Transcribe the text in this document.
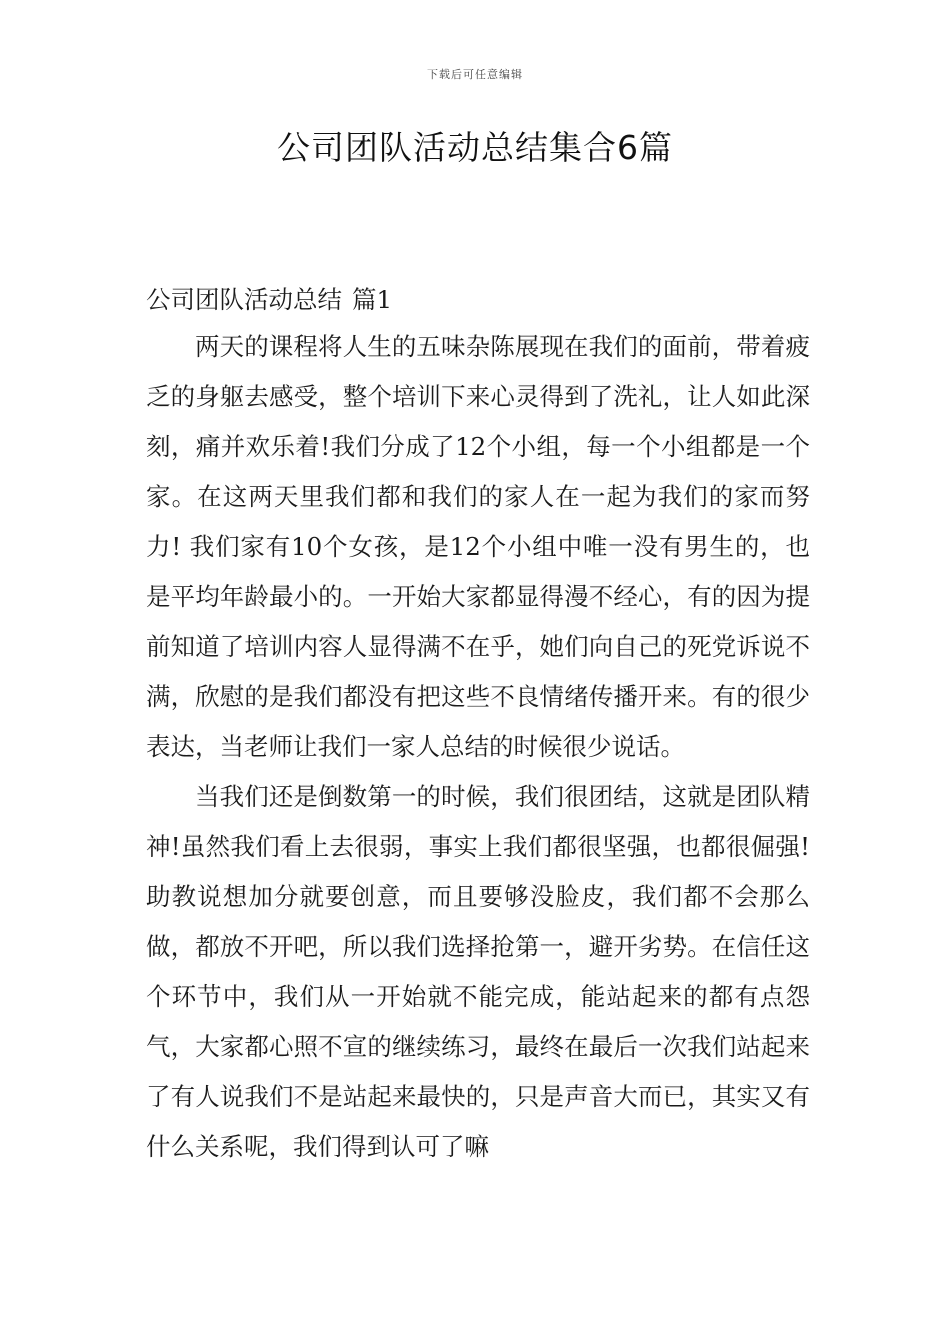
下载后可任意编辑
公司团队活动总结集合6篇
公司团队活动总结 篇1

两天的课程将人生的五味杂陈展现在我们的面前，带着疲乏的身躯去感受，整个培训下来心灵得到了洗礼，让人如此深刻，痛并欢乐着!我们分成了12个小组，每一个小组都是一个家。在这两天里我们都和我们的家人在一起为我们的家而努力! 我们家有10个女孩，是12个小组中唯一没有男生的，也是平均年龄最小的。一开始大家都显得漫不经心，有的因为提前知道了培训内容人显得满不在乎，她们向自己的死党诉说不满，欣慰的是我们都没有把这些不良情绪传播开来。有的很少表达，当老师让我们一家人总结的时候很少说话。

当我们还是倒数第一的时候，我们很团结，这就是团队精神!虽然我们看上去很弱，事实上我们都很坚强，也都很倔强!助教说想加分就要创意，而且要够没脸皮，我们都不会那么做，都放不开吧，所以我们选择抢第一，避开劣势。在信任这个环节中，我们从一开始就不能完成，能站起来的都有点怨气，大家都心照不宣的继续练习，最终在最后一次我们站起来了有人说我们不是站起来最快的，只是声音大而已，其实又有什么关系呢，我们得到认可了嘛
